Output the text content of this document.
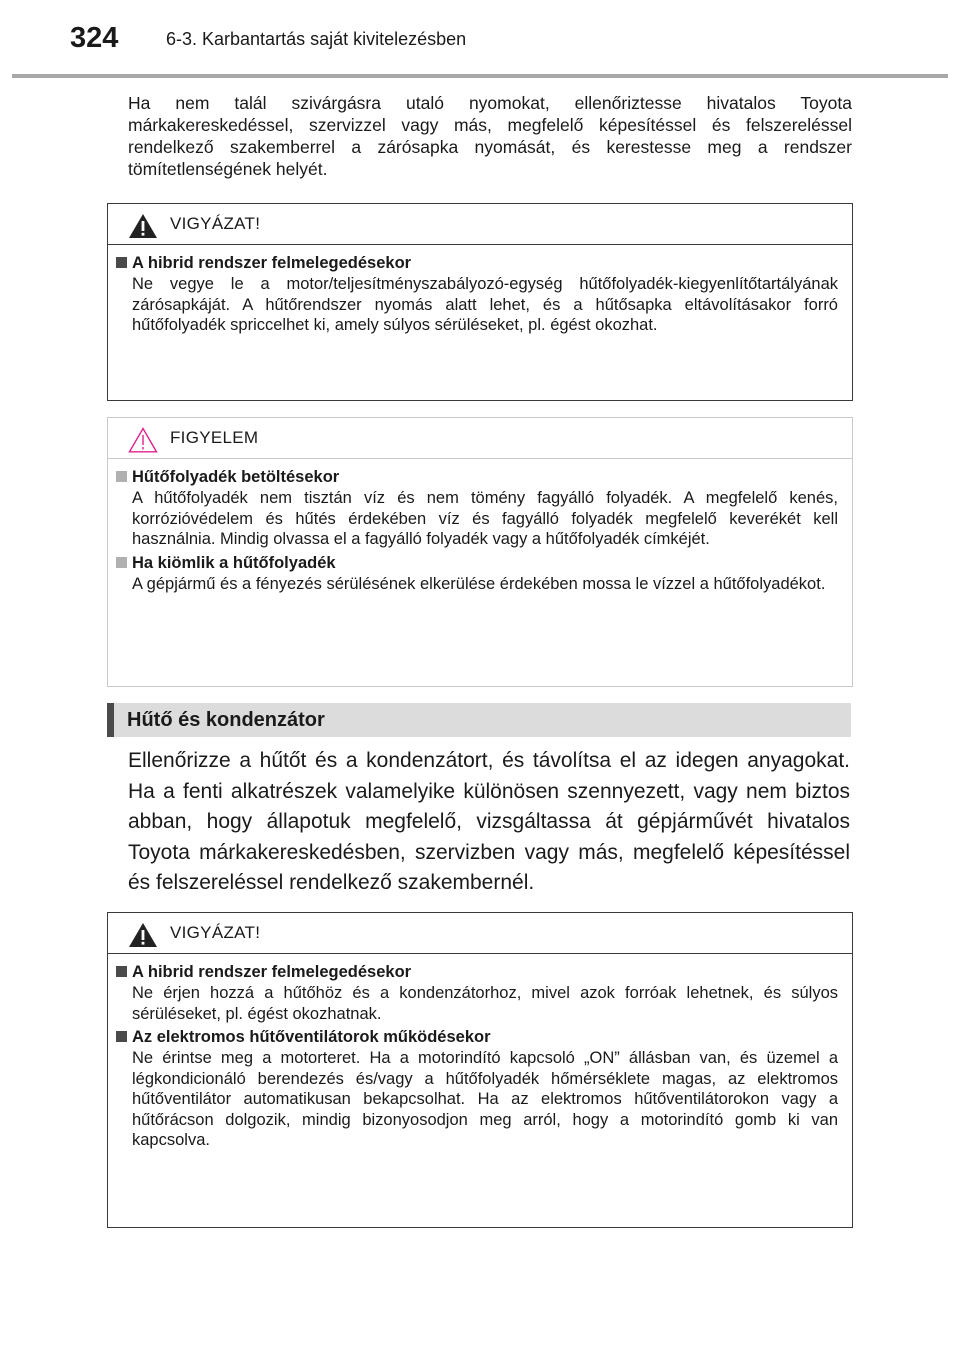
324	6-3. Karbantartás saját kivitelezésben

Ha nem talál szivárgásra utaló nyomokat, ellenőriztesse hivatalos Toyota márkakereskedéssel, szervizzel vagy más, megfelelő képesítéssel és felszereléssel rendelkező szakemberrel a zárósapka nyomását, és kerestesse meg a rendszer tömítetlenségének helyét.

VIGYÁZAT!
A hibrid rendszer felmelegedésekor

Ne vegye le a motor/teljesítményszabályozó-egység hűtőfolyadék-kiegyenlítőtartályának zárósapkáját. A hűtőrendszer nyomás alatt lehet, és a hűtősapka eltávolításakor forró hűtőfolyadék spriccelhet ki, amely súlyos sérüléseket, pl. égést okozhat.

FIGYELEM
Hűtőfolyadék betöltésekor

A hűtőfolyadék nem tisztán víz és nem tömény fagyálló folyadék. A megfelelő kenés, korrózióvédelem és hűtés érdekében víz és fagyálló folyadék megfelelő keverékét kell használnia. Mindig olvassa el a fagyálló folyadék vagy a hűtőfolyadék címkéjét.

Ha kiömlik a hűtőfolyadék

A gépjármű és a fényezés sérülésének elkerülése érdekében mossa le vízzel a hűtőfolyadékot.

Hűtő és kondenzátor

Ellenőrizze a hűtőt és a kondenzátort, és távolítsa el az idegen anyagokat. Ha a fenti alkatrészek valamelyike különösen szennyezett, vagy nem biztos abban, hogy állapotuk megfelelő, vizsgáltassa át gépjárművét hivatalos Toyota márkakereskedésben, szervizben vagy más, megfelelő képesítéssel és felszereléssel rendelkező szakembernél.

VIGYÁZAT!
A hibrid rendszer felmelegedésekor

Ne érjen hozzá a hűtőhöz és a kondenzátorhoz, mivel azok forróak lehetnek, és súlyos sérüléseket, pl. égést okozhatnak.

Az elektromos hűtőventilátorok működésekor

Ne érintse meg a motorteret. Ha a motorindító kapcsoló „ON” állásban van, és üzemel a légkondicionáló berendezés és/vagy a hűtőfolyadék hőmérséklete magas, az elektromos hűtőventilátor automatikusan bekapcsolhat. Ha az elektromos hűtőventilátorokon vagy a hűtőrácson dolgozik, mindig bizonyosodjon meg arról, hogy a motorindító gomb ki van kapcsolva.
